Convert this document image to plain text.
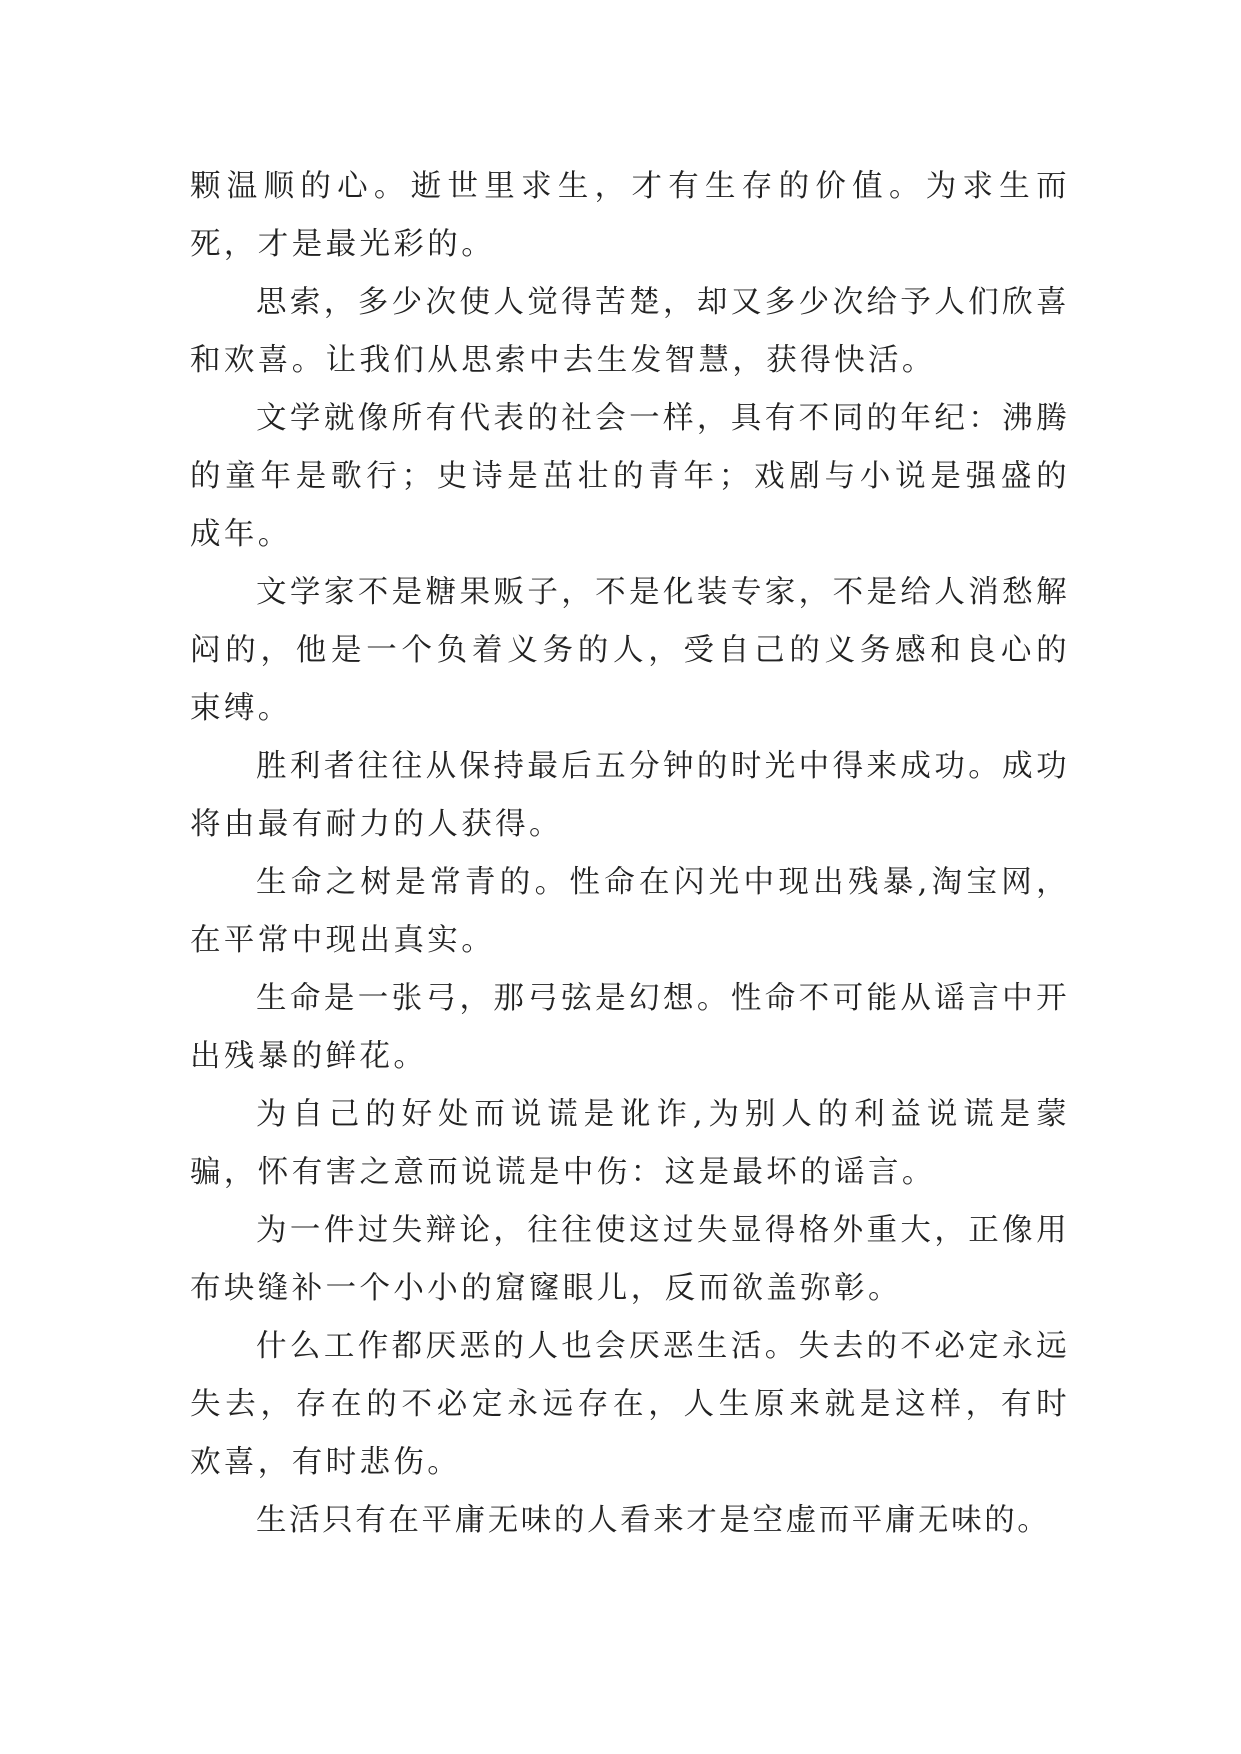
颗温顺的心。逝世里求生，才有生存的价值。为求生而死，才是最光彩的。

思索，多少次使人觉得苦楚，却又多少次给予人们欣喜和欢喜。让我们从思索中去生发智慧，获得快活。

文学就像所有代表的社会一样，具有不同的年纪：沸腾的童年是歌行；史诗是茁壮的青年；戏剧与小说是强盛的成年。

文学家不是糖果贩子，不是化装专家，不是给人消愁解闷的，他是一个负着义务的人，受自己的义务感和良心的束缚。

胜利者往往从保持最后五分钟的时光中得来成功。成功将由最有耐力的人获得。

生命之树是常青的。性命在闪光中现出残暴,淘宝网，在平常中现出真实。

生命是一张弓，那弓弦是幻想。性命不可能从谣言中开出残暴的鲜花。

为自己的好处而说谎是讹诈,为别人的利益说谎是蒙骗，怀有害之意而说谎是中伤：这是最坏的谣言。

为一件过失辩论，往往使这过失显得格外重大，正像用布块缝补一个小小的窟窿眼儿，反而欲盖弥彰。

什么工作都厌恶的人也会厌恶生活。失去的不必定永远失去，存在的不必定永远存在，人生原来就是这样，有时欢喜，有时悲伤。

生活只有在平庸无味的人看来才是空虚而平庸无味的。
